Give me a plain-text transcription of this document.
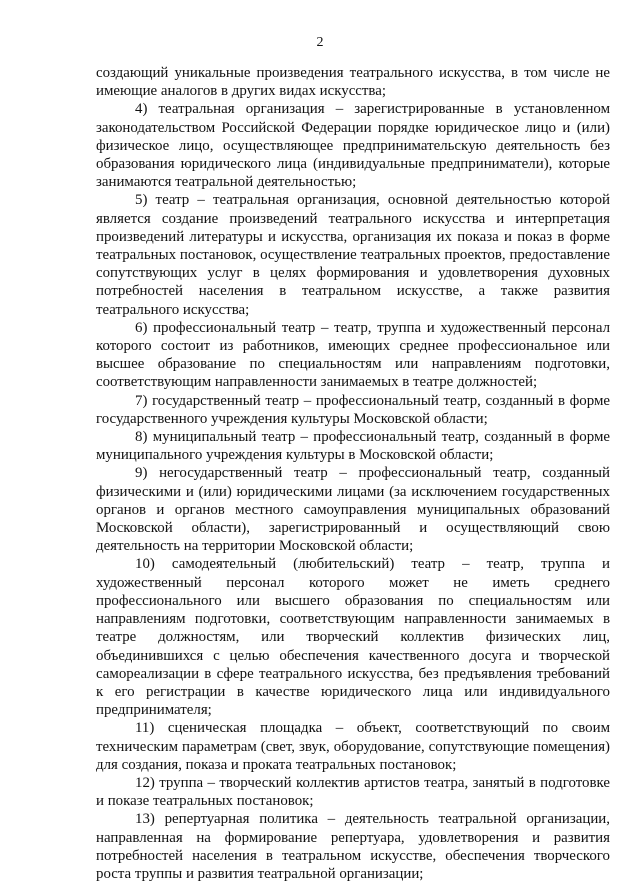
2

создающий уникальные произведения театрального искусства, в том числе не имеющие аналогов в других видах искусства;

4) театральная организация – зарегистрированные в установленном законодательством Российской Федерации порядке юридическое лицо и (или) физическое лицо, осуществляющее предпринимательскую деятельность без образования юридического лица (индивидуальные предприниматели), которые занимаются театральной деятельностью;

5) театр – театральная организация, основной деятельностью которой является создание произведений театрального искусства и интерпретация произведений литературы и искусства, организация их показа и показ в форме театральных постановок, осуществление театральных проектов, предоставление сопутствующих услуг в целях формирования и удовлетворения духовных потребностей населения в театральном искусстве, а также развития театрального искусства;

6) профессиональный театр – театр, труппа и художественный персонал которого состоит из работников, имеющих среднее профессиональное или высшее образование по специальностям или направлениям подготовки, соответствующим направленности занимаемых в театре должностей;

7) государственный театр – профессиональный театр, созданный в форме государственного учреждения культуры Московской области;

8) муниципальный театр – профессиональный театр, созданный в форме муниципального учреждения культуры в Московской области;

9) негосударственный театр – профессиональный театр, созданный физическими и (или) юридическими лицами (за исключением государственных органов и органов местного самоуправления муниципальных образований Московской области), зарегистрированный и осуществляющий свою деятельность на территории Московской области;

10) самодеятельный (любительский) театр – театр, труппа и художественный персонал которого может не иметь среднего профессионального или высшего образования по специальностям или направлениям подготовки, соответствующим направленности занимаемых в театре должностям, или творческий коллектив физических лиц, объединившихся с целью обеспечения качественного досуга и творческой самореализации в сфере театрального искусства, без предъявления требований к его регистрации в качестве юридического лица или индивидуального предпринимателя;

11) сценическая площадка – объект, соответствующий по своим техническим параметрам (свет, звук, оборудование, сопутствующие помещения) для создания, показа и проката театральных постановок;

12) труппа – творческий коллектив артистов театра, занятый в подготовке и показе театральных постановок;

13) репертуарная политика – деятельность театральной организации, направленная на формирование репертуара, удовлетворения и развития потребностей населения в театральном искусстве, обеспечения творческого роста труппы и развития театральной организации;
